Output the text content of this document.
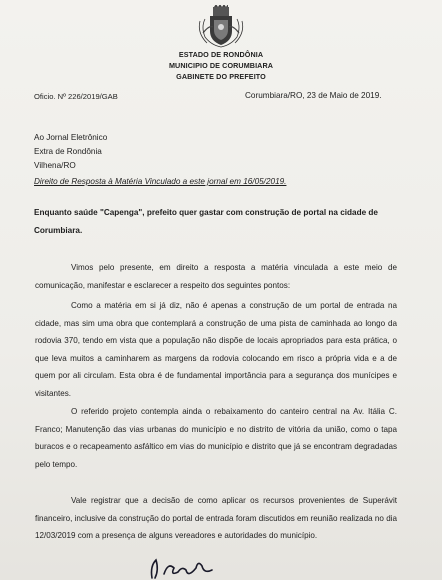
ESTADO DE RONDÔNIA
MUNICIPIO DE CORUMBIARA
GABINETE DO PREFEITO
Oficio. Nº 226/2019/GAB	Corumbiara/RO, 23 de Maio de 2019.
Ao Jornal Eletrônico
Extra de Rondônia
Vilhena/RO
Direito de Resposta à Matéria Vinculado a este jornal em 16/05/2019.
Enquanto saúde "Capenga", prefeito quer gastar com construção de portal na cidade de
Corumbiara.
Vimos pelo presente, em direito a resposta a matéria vinculada a este meio de comunicação, manifestar e esclarecer a respeito dos seguintes pontos:
Como a matéria em si já diz, não é apenas a construção de um portal de entrada na cidade, mas sim uma obra que contemplará a construção de uma pista de caminhada ao longo da rodovia 370, tendo em vista que a população não dispõe de locais apropriados para esta prática, o que leva muitos a caminharem as margens da rodovia colocando em risco a própria vida e a de quem por ali circulam. Esta obra é de fundamental importância para a segurança dos munícipes e visitantes.
O referido projeto contempla ainda o rebaixamento do canteiro central na Av. Itália C. Franco; Manutenção das vias urbanas do município e no distrito de vitória da união, como o tapa buracos e o recapeamento asfáltico em vias do município e distrito que já se encontram degradadas pelo tempo.
Vale registrar que a decisão de como aplicar os recursos provenientes de Superávit financeiro, inclusive da construção do portal de entrada foram discutidos em reunião realizada no dia 12/03/2019 com a presença de alguns vereadores e autoridades do município.
